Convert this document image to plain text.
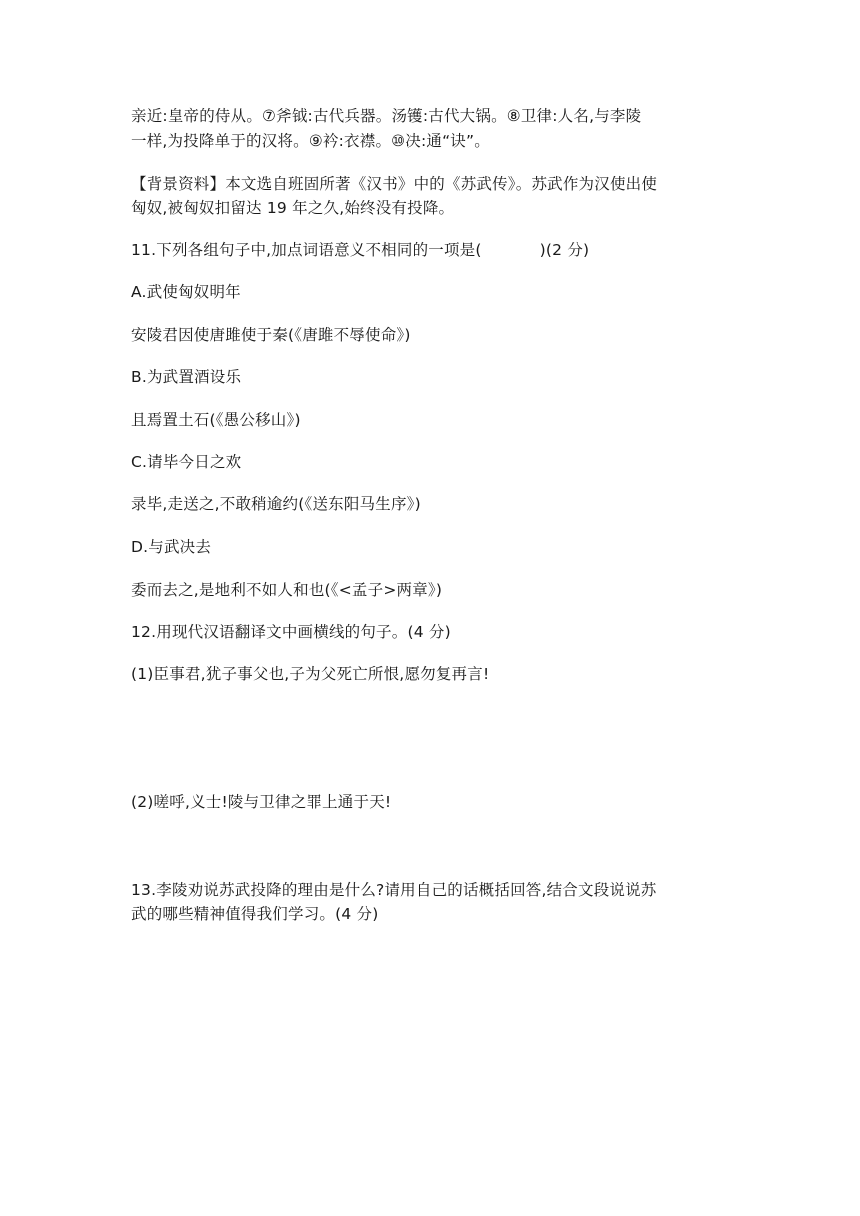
亲近:皇帝的侍从。⑦斧钺:古代兵器。汤镬:古代大锅。⑧卫律:人名,与李陵
一样,为投降单于的汉将。⑨衿:衣襟。⑩决:通“诀”。
【背景资料】本文选自班固所著《汉书》中的《苏武传》。苏武作为汉使出使
匈奴,被匈奴扣留达 19 年之久,始终没有投降。
11.下列各组句子中,加点词语意义不相同的一项是(	)(2 分)
A.武使匈奴明年
安陵君因使唐雎使于秦(《唐雎不辱使命》)
B.为武置酒设乐
且焉置土石(《愚公移山》)
C.请毕今日之欢
录毕,走送之,不敢稍逾约(《送东阳马生序》)
D.与武决去
委而去之,是地利不如人和也(《<孟子>两章》)
12.用现代汉语翻译文中画横线的句子。(4 分)
(1)臣事君,犹子事父也,子为父死亡所恨,愿勿复再言!
(2)嗟呼,义士!陵与卫律之罪上通于天!
13.李陵劝说苏武投降的理由是什么?请用自己的话概括回答,结合文段说说苏
武的哪些精神值得我们学习。(4 分)
